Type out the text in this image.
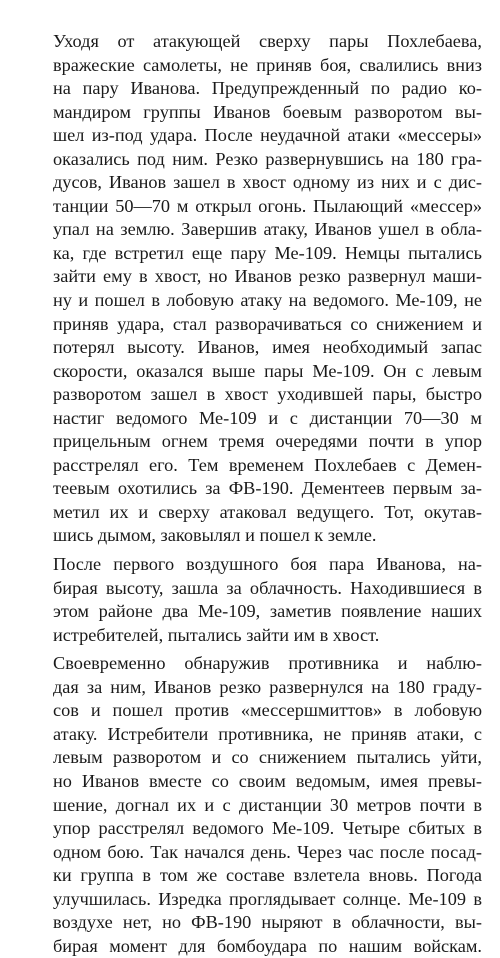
Уходя от атакующей сверху пары Похлебаева,
вражеские самолеты, не приняв боя, свалились вниз
на пару Иванова. Предупрежденный по радио ко-
мандиром группы Иванов боевым разворотом вы-
шел из-под удара. После неудачной атаки «мессеры»
оказались под ним. Резко развернувшись на 180 гра-
дусов, Иванов зашел в хвост одному из них и с дис-
танции 50—70 м открыл огонь. Пылающий «мессер»
упал на землю. Завершив атаку, Иванов ушел в обла-
ка, где встретил еще пару Ме-109. Немцы пытались
зайти ему в хвост, но Иванов резко развернул маши-
ну и пошел в лобовую атаку на ведомого. Ме-109, не
приняв удара, стал разворачиваться со снижением и
потерял высоту. Иванов, имея необходимый запас
скорости, оказался выше пары Ме-109. Он с левым
разворотом зашел в хвост уходившей пары, быстро
настиг ведомого Ме-109 и с дистанции 70—30 м
прицельным огнем тремя очередями почти в упор
расстрелял его. Тем временем Похлебаев с Демен-
теевым охотились за ФВ-190. Дементеев первым за-
метил их и сверху атаковал ведущего. Тот, окутав-
шись дымом, заковылял и пошел к земле.
После первого воздушного боя пара Иванова, на-
бирая высоту, зашла за облачность. Находившиеся в
этом районе два Ме-109, заметив появление наших
истребителей, пытались зайти им в хвост.
Своевременно обнаружив противника и наблю-
дая за ним, Иванов резко развернулся на 180 граду-
сов и пошел против «мессершмиттов» в лобовую
атаку. Истребители противника, не приняв атаки, с
левым разворотом и со снижением пытались уйти,
но Иванов вместе со своим ведомым, имея превы-
шение, догнал их и с дистанции 30 метров почти в
упор расстрелял ведомого Ме-109. Четыре сбитых в
одном бою. Так начался день. Через час после посад-
ки группа в том же составе взлетела вновь. Погода
улучшилась. Изредка проглядывает солнце. Ме-109 в
воздухе нет, но ФВ-190 ныряют в облачности, вы-
бирая момент для бомбоудара по нашим войскам.
